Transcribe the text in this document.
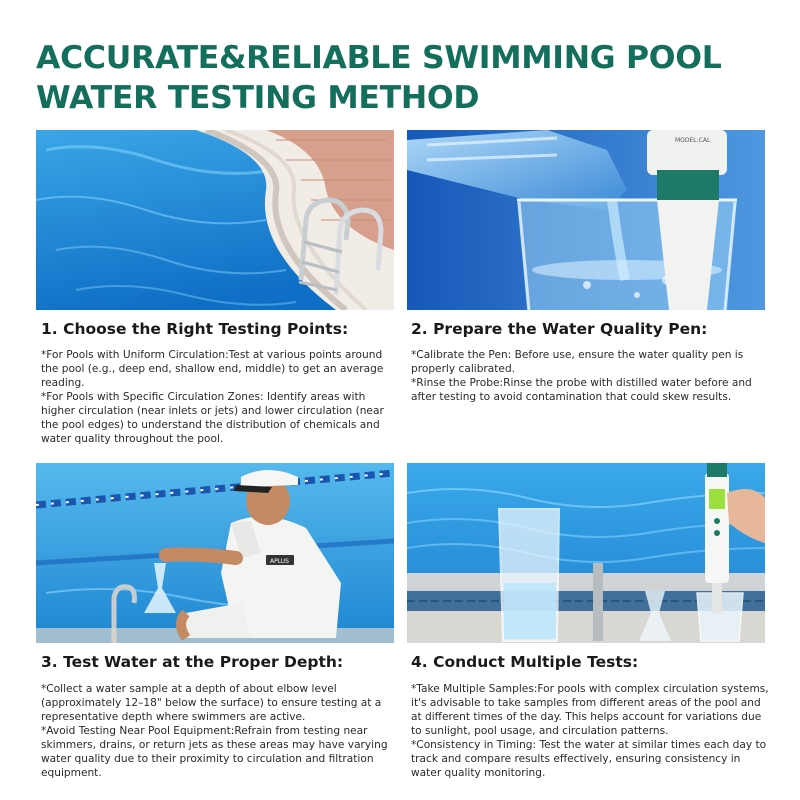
ACCURATE&RELIABLE SWIMMING POOL
WATER TESTING METHOD
MODEL:CAL
1. Choose the Right Testing Points:

*For Pools with Uniform Circulation:Test at various points around the pool (e.g., deep end, shallow end, middle) to get an average reading.

*For Pools with Specific Circulation Zones: Identify areas with higher circulation (near inlets or jets) and lower circulation (near the pool edges) to understand the distribution of chemicals and water quality throughout the pool.

2. Prepare the Water Quality Pen:

*Calibrate the Pen: Before use, ensure the water quality pen is properly calibrated.

*Rinse the Probe:Rinse the probe with distilled water before and after testing to avoid contamination that could skew results.

APLUS
3. Test Water at the Proper Depth:

*Collect a water sample at a depth of about elbow level (approximately 12–18" below the surface) to ensure testing at a representative depth where swimmers are active.

*Avoid Testing Near Pool Equipment:Refrain from testing near skimmers, drains, or return jets as these areas may have varying water quality due to their proximity to circulation and filtration equipment.

4. Conduct Multiple Tests:

*Take Multiple Samples:For pools with complex circulation systems, it's advisable to take samples from different areas of the pool and at different times of the day. This helps account for variations due to sunlight, pool usage, and circulation patterns.

*Consistency in Timing: Test the water at similar times each day to track and compare results effectively, ensuring consistency in water quality monitoring.
